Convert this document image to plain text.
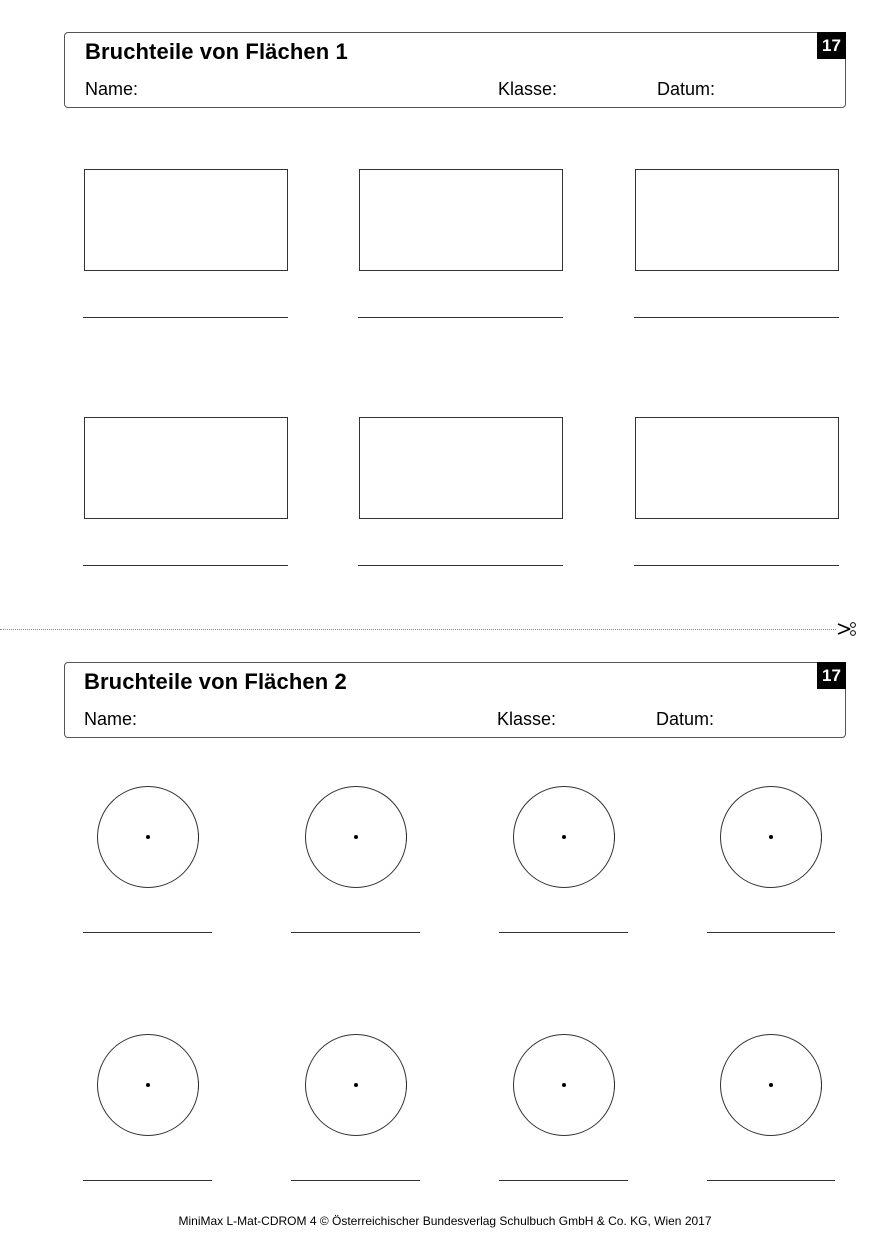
Bruchteile von Flächen 1
Name:	Klasse:	Datum:
17
Bruchteile von Flächen 2
Name:	Klasse:	Datum:
17
MiniMax L-Mat-CDROM 4 © Österreichischer Bundesverlag Schulbuch GmbH & Co. KG, Wien 2017
